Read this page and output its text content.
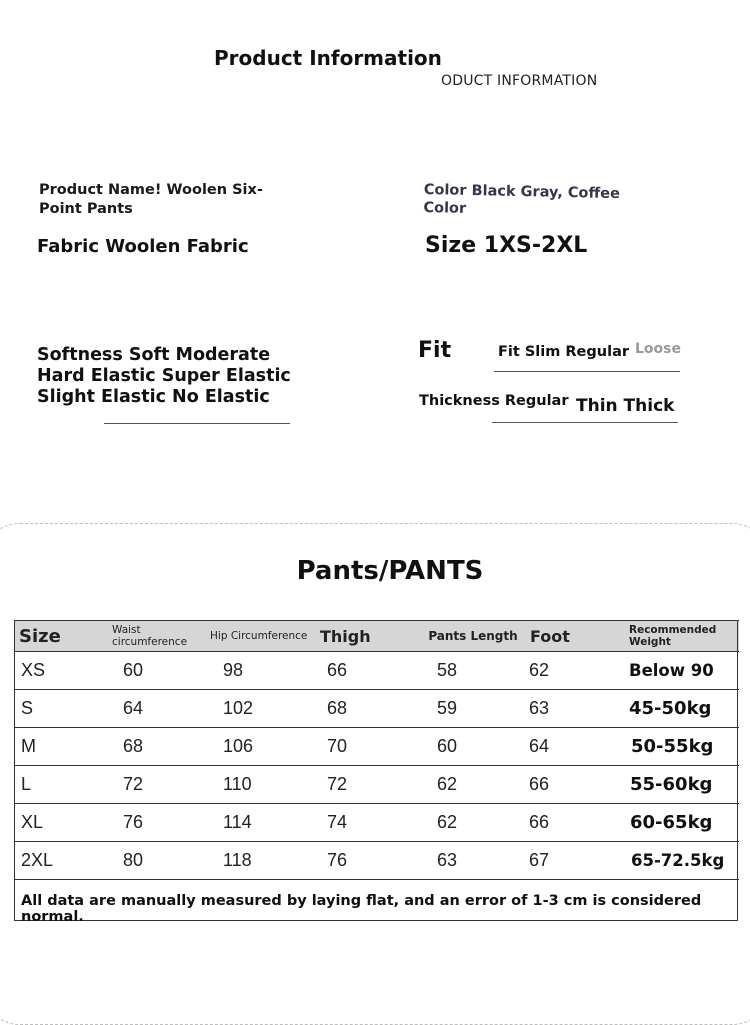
Product Information
ODUCT INFORMATION
Product Name! Woolen Six-Point Pants
Color Black Gray, Coffee Color
Fabric Woolen Fabric	Size 1XS-2XL
Softness Soft Moderate Hard Elastic Super Elastic Slight Elastic No Elastic
Fit	Fit Slim Regular Loose
Thickness Regular Thin Thick
Pants/PANTS
Size	Waist circumference	Hip Circumference	Thigh	Pants Length	Foot	Recommended Weight
XS	60	98	66	58	62	Below 90
S	64	102	68	59	63	45-50kg
M	68	106	70	60	64	50-55kg
L	72	110	72	62	66	55-60kg
XL	76	114	74	62	66	60-65kg
2XL	80	118	76	63	67	65-72.5kg
All data are manually measured by laying flat, and an error of 1-3 cm is considered normal.
